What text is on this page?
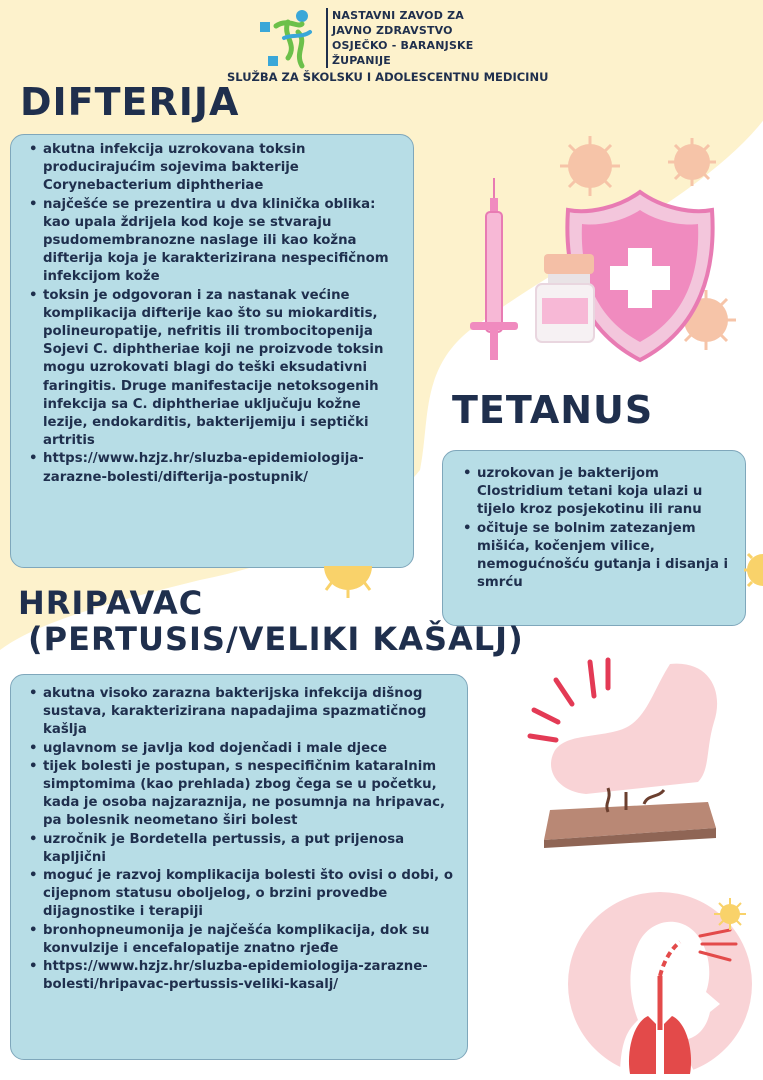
NASTAVNI ZAVOD ZA
JAVNO ZDRAVSTVO
OSJEČKO - BARANJSKE
ŽUPANIJE
SLUŽBA ZA ŠKOLSKU I ADOLESCENTNU MEDICINU
DIFTERIJA
• akutna infekcija uzrokovana toksin producirajućim sojevima bakterije Corynebacterium diphtheriae
• najčešće se prezentira u dva klinička oblika: kao upala ždrijela kod koje se stvaraju psudomembranozne naslage ili kao kožna difterija koja je karakterizirana nespecifičnom infekcijom kože
• toksin je odgovoran i za nastanak većine komplikacija difterije kao što su miokarditis, polineuropatije, nefritis ili trombocitopenija Sojevi C. diphtheriae koji ne proizvode toksin mogu uzrokovati blagi do teški eksudativni faringitis. Druge manifestacije netoksogenih infekcija sa C. diphtheriae uključuju kožne lezije, endokarditis, bakterijemiju i septički artritis
• https://www.hzjz.hr/sluzba-epidemiologija-zarazne-bolesti/difterija-postupnik/
TETANUS
• uzrokovan je bakterijom Clostridium tetani koja ulazi u tijelo kroz posjekotinu ili ranu
• očituje se bolnim zatezanjem mišića, kočenjem vilice, nemogućnošću gutanja i disanja i smrću
HRIPAVAC
(PERTUSIS/VELIKI KAŠALJ)
• akutna visoko zarazna bakterijska infekcija dišnog sustava, karakterizirana napadajima spazmatičnog kašlja
• uglavnom se javlja kod dojenčadi i male djece
• tijek bolesti je postupan, s nespecifičnim kataralnim simptomima (kao prehlada) zbog čega se u početku, kada je osoba najzaraznija, ne posumnja na hripavac, pa bolesnik neometano širi bolest
• uzročnik je Bordetella pertussis, a put prijenosa kapljični
• moguć je razvoj komplikacija bolesti što ovisi o dobi, o cijepnom statusu oboljelog, o brzini provedbe dijagnostike i terapiji
• bronhopneumonija je najčešća komplikacija, dok su konvulzije i encefalopatije znatno rjeđe
• https://www.hzjz.hr/sluzba-epidemiologija-zarazne-bolesti/hripavac-pertussis-veliki-kasalj/
